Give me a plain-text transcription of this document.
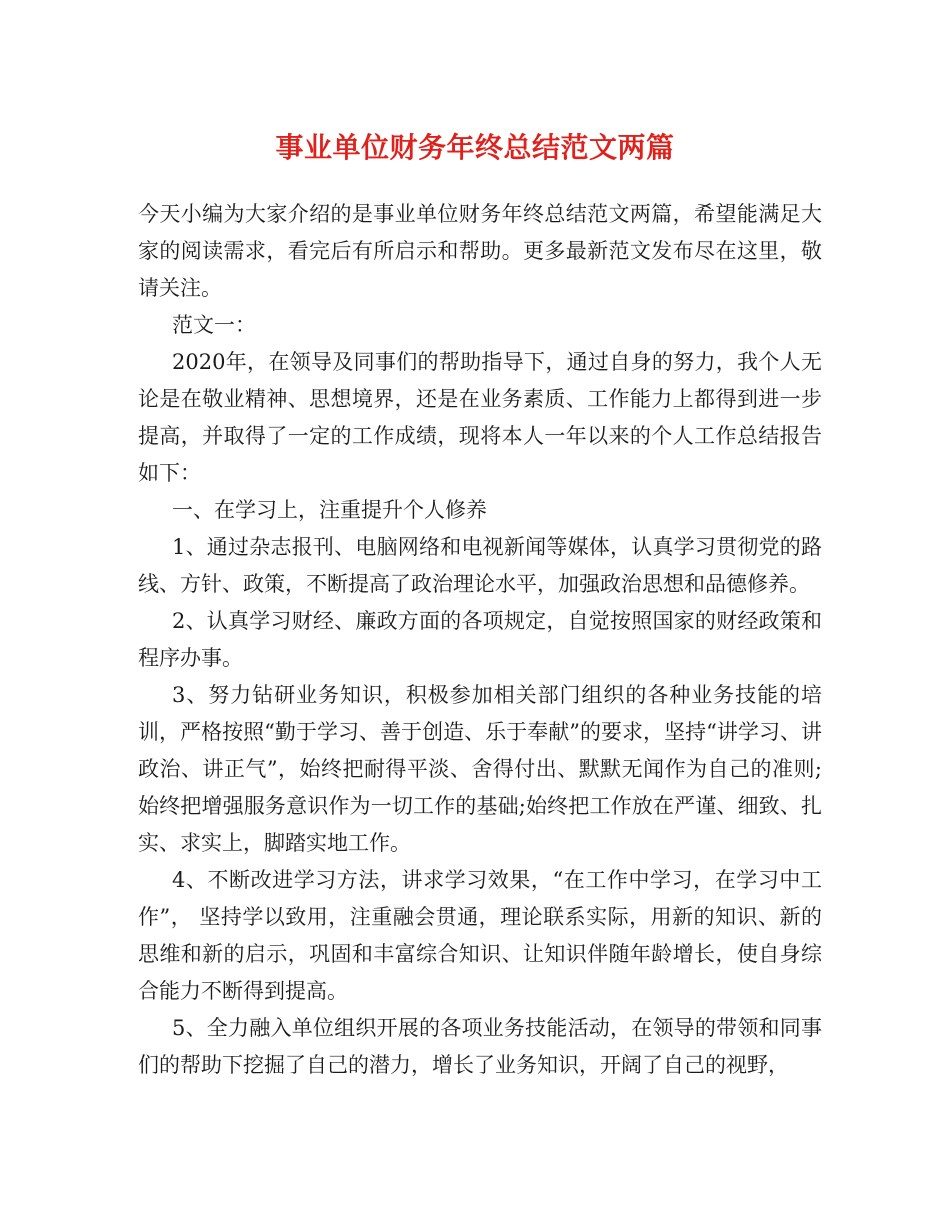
事业单位财务年终总结范文两篇

今天小编为大家介绍的是事业单位财务年终总结范文两篇，希望能满足大家的阅读需求，看完后有所启示和帮助。更多最新范文发布尽在这里，敬请关注。

范文一：

2020年，在领导及同事们的帮助指导下，通过自身的努力，我个人无论是在敬业精神、思想境界，还是在业务素质、工作能力上都得到进一步提高，并取得了一定的工作成绩，现将本人一年以来的个人工作总结报告如下：

一、在学习上，注重提升个人修养

1、通过杂志报刊、电脑网络和电视新闻等媒体，认真学习贯彻党的路线、方针、政策，不断提高了政治理论水平，加强政治思想和品德修养。

2、认真学习财经、廉政方面的各项规定，自觉按照国家的财经政策和程序办事。

3、努力钻研业务知识，积极参加相关部门组织的各种业务技能的培训，严格按照“勤于学习、善于创造、乐于奉献”的要求，坚持“讲学习、讲政治、讲正气”，始终把耐得平淡、舍得付出、默默无闻作为自己的准则;始终把增强服务意识作为一切工作的基础;始终把工作放在严谨、细致、扎实、求实上，脚踏实地工作。

4、不断改进学习方法，讲求学习效果，“在工作中学习，在学习中工作”， 坚持学以致用，注重融会贯通，理论联系实际，用新的知识、新的思维和新的启示，巩固和丰富综合知识、让知识伴随年龄增长，使自身综合能力不断得到提高。

5、全力融入单位组织开展的各项业务技能活动，在领导的带领和同事们的帮助下挖掘了自己的潜力，增长了业务知识，开阔了自己的视野，
